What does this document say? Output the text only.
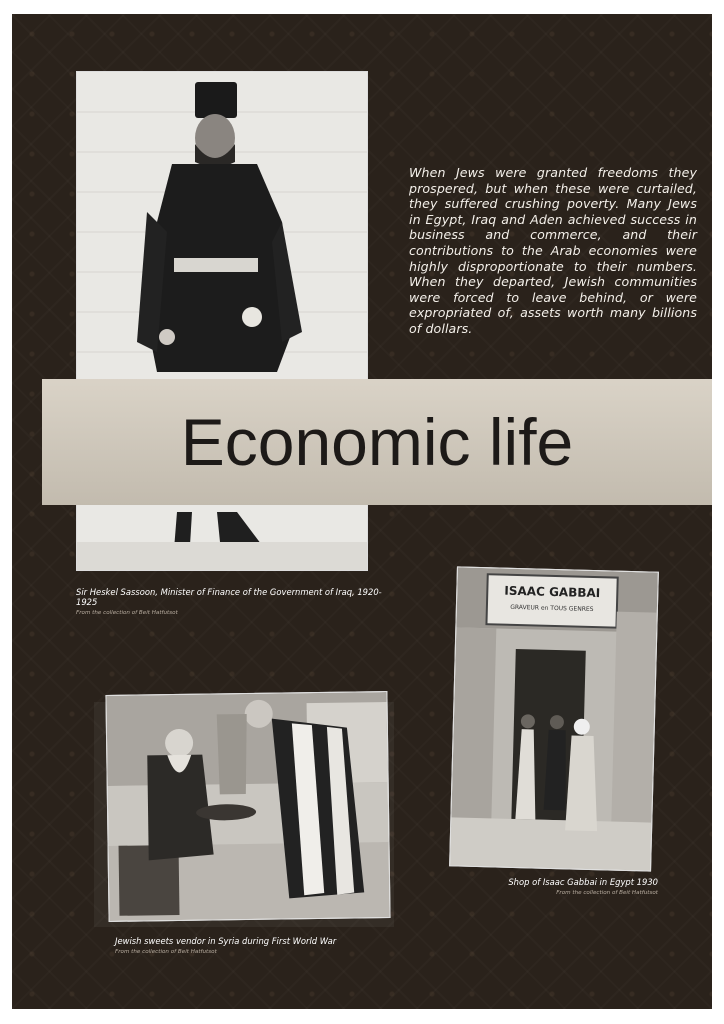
When Jews were granted freedoms they prospered, but when these were curtailed, they suffered crushing poverty. Many Jews in Egypt, Iraq and Aden achieved success in business and commerce, and their contributions to the Arab economies were highly disproportionate to their numbers. When they departed, Jewish communities were forced to leave behind, or were expropriated of, assets worth many billions of dollars.
Economic life
Sir Heskel Sassoon, Minister of Finance of the Government of Iraq, 1920-1925
From the collection of Beit Hatfutsot
ISAAC GABBAI
GRAVEUR en TOUS GENRES
Shop of Isaac Gabbai in Egypt 1930
From the collection of Beit Hatfutsot
Jewish sweets vendor in Syria during First World War
From the collection of Beit Hatfutsot
